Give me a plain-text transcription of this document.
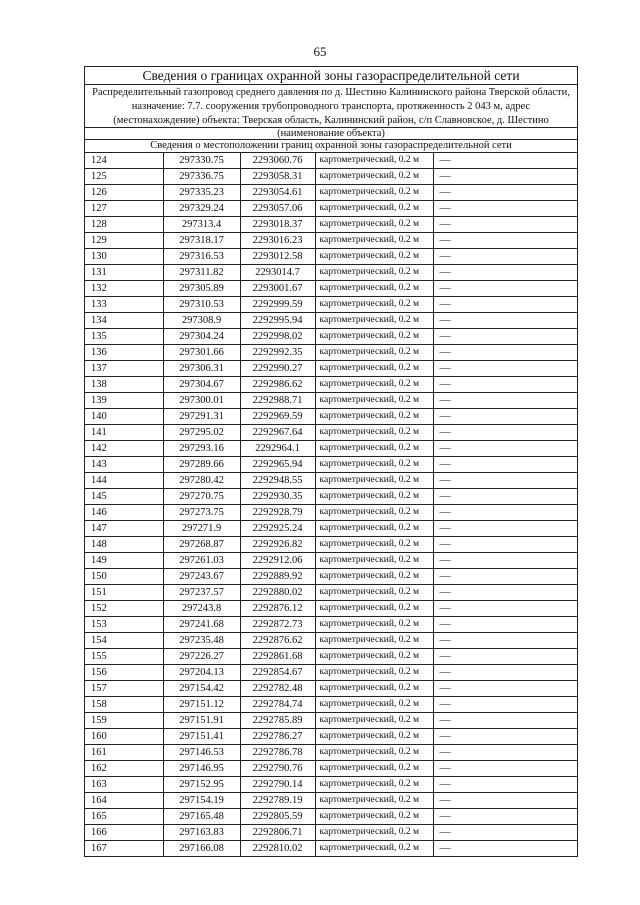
65
Сведения о границах охранной зоны газораспределительной сети
Распределительный газопровод среднего давления по д. Шестино Калининского района Тверской области, назначение: 7.7. сооружения трубопроводного транспорта, протяженность 2 043 м, адрес (местонахождение) объекта: Тверская область, Калининский район, с/п Славновское, д. Шестино
(наименование объекта)
Сведения о местоположении границ охранной зоны газораспределительной сети
124	297330.75	2293060.76	картометрический, 0.2 м	—
125	297336.75	2293058.31	картометрический, 0.2 м	—
126	297335.23	2293054.61	картометрический, 0.2 м	—
127	297329.24	2293057.06	картометрический, 0.2 м	—
128	297313.4	2293018.37	картометрический, 0.2 м	—
129	297318.17	2293016.23	картометрический, 0.2 м	—
130	297316.53	2293012.58	картометрический, 0.2 м	—
131	297311.82	2293014.7	картометрический, 0.2 м	—
132	297305.89	2293001.67	картометрический, 0.2 м	—
133	297310.53	2292999.59	картометрический, 0.2 м	—
134	297308.9	2292995.94	картометрический, 0.2 м	—
135	297304.24	2292998.02	картометрический, 0.2 м	—
136	297301.66	2292992.35	картометрический, 0.2 м	—
137	297306.31	2292990.27	картометрический, 0.2 м	—
138	297304.67	2292986.62	картометрический, 0.2 м	—
139	297300.01	2292988.71	картометрический, 0.2 м	—
140	297291.31	2292969.59	картометрический, 0.2 м	—
141	297295.02	2292967.64	картометрический, 0.2 м	—
142	297293.16	2292964.1	картометрический, 0.2 м	—
143	297289.66	2292965.94	картометрический, 0.2 м	—
144	297280.42	2292948.55	картометрический, 0.2 м	—
145	297270.75	2292930.35	картометрический, 0.2 м	—
146	297273.75	2292928.79	картометрический, 0.2 м	—
147	297271.9	2292925.24	картометрический, 0.2 м	—
148	297268.87	2292926.82	картометрический, 0.2 м	—
149	297261.03	2292912.06	картометрический, 0.2 м	—
150	297243.67	2292889.92	картометрический, 0.2 м	—
151	297237.57	2292880.02	картометрический, 0.2 м	—
152	297243.8	2292876.12	картометрический, 0.2 м	—
153	297241.68	2292872.73	картометрический, 0.2 м	—
154	297235.48	2292876.62	картометрический, 0.2 м	—
155	297226.27	2292861.68	картометрический, 0.2 м	—
156	297204.13	2292854.67	картометрический, 0.2 м	—
157	297154.42	2292782.48	картометрический, 0.2 м	—
158	297151.12	2292784.74	картометрический, 0.2 м	—
159	297151.91	2292785.89	картометрический, 0.2 м	—
160	297151.41	2292786.27	картометрический, 0.2 м	—
161	297146.53	2292786.78	картометрический, 0.2 м	—
162	297146.95	2292790.76	картометрический, 0.2 м	—
163	297152.95	2292790.14	картометрический, 0.2 м	—
164	297154.19	2292789.19	картометрический, 0.2 м	—
165	297165.48	2292805.59	картометрический, 0.2 м	—
166	297163.83	2292806.71	картометрический, 0.2 м	—
167	297166.08	2292810.02	картометрический, 0.2 м	—
